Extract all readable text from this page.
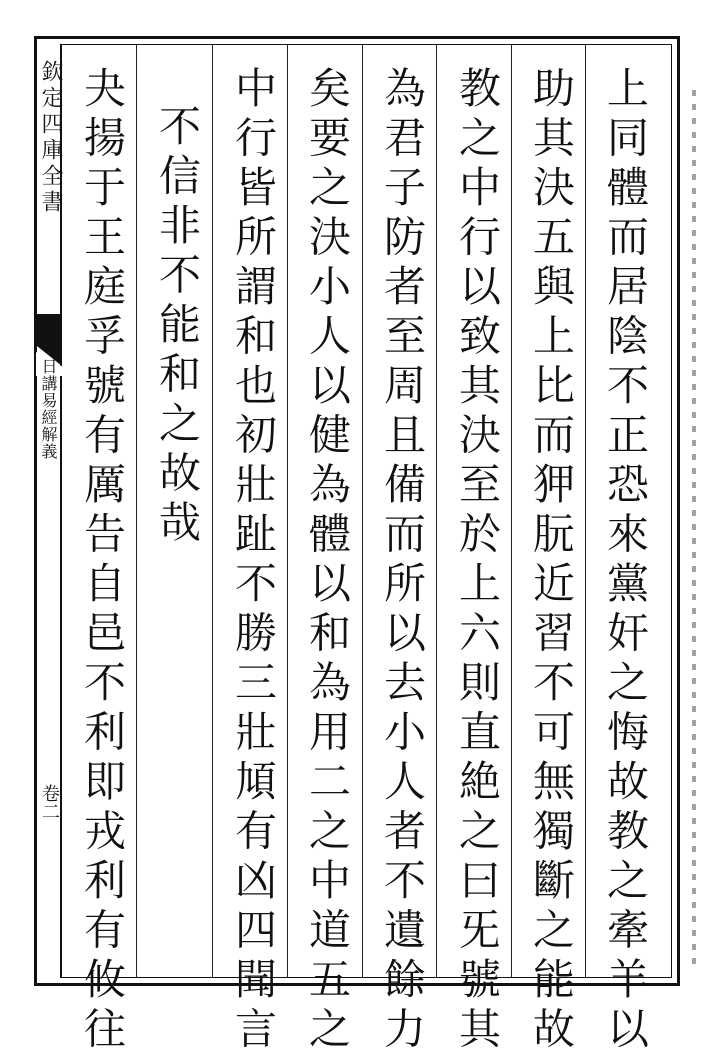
欽定四庫全書
日講易經解義
卷二	上同體而居陰不正恐來黨奸之悔故教之牽羊以
助其決五與上比而狎朊近習不可無獨斷之能故
教之中行以致其決至於上六則直絶之曰旡號其
為君子防者至周且備而所以去小人者不遺餘力
矣要之決小人以健為體以和為用二之中道五之
中行皆所謂和也初壯趾不勝三壯頄有凶四聞言
不信非不能和之故哉
夬揚于王庭孚號有厲告自邑不利即戎利有攸往
